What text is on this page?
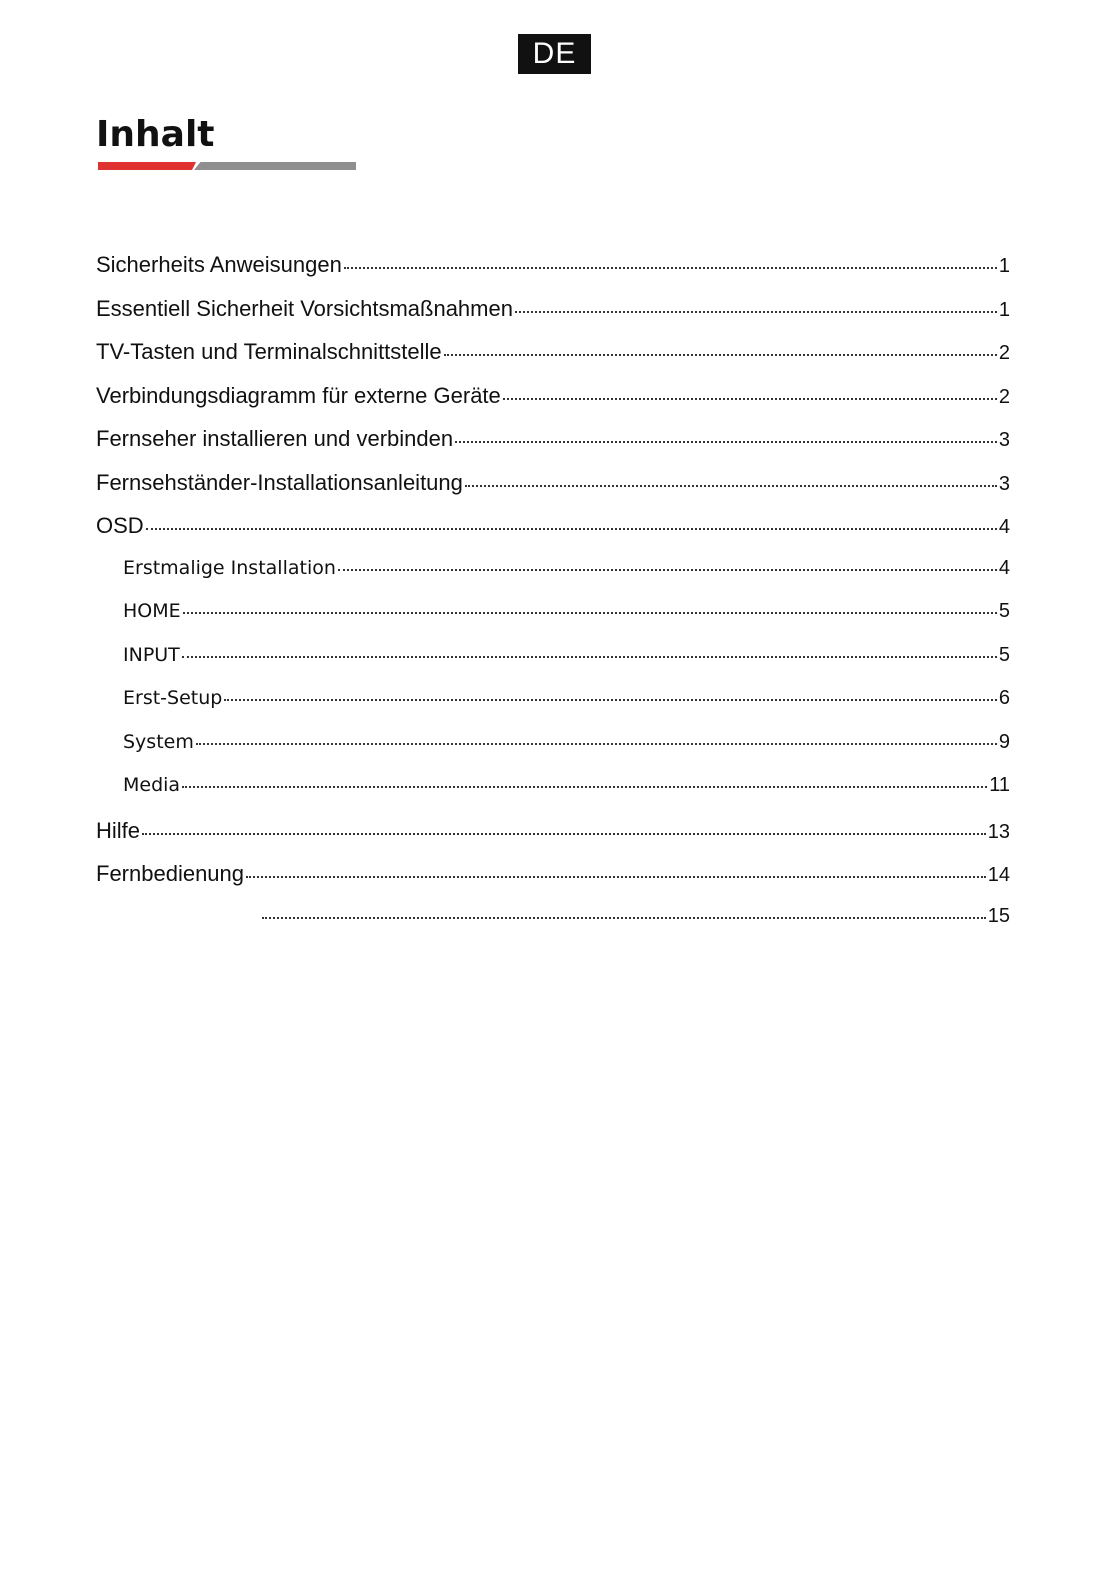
DE
Inhalt
Sicherheits Anweisungen	1
Essentiell Sicherheit Vorsichtsmaßnahmen	1
TV-Tasten und Terminalschnittstelle	2
Verbindungsdiagramm für externe Geräte	2
Fernseher installieren und verbinden	3
Fernsehständer-Installationsanleitung	3
OSD	4
Erstmalige Installation	4
HOME	5
INPUT	5
Erst-Setup	6
System	9
Media	11
Hilfe	13
Fernbedienung	14
15
